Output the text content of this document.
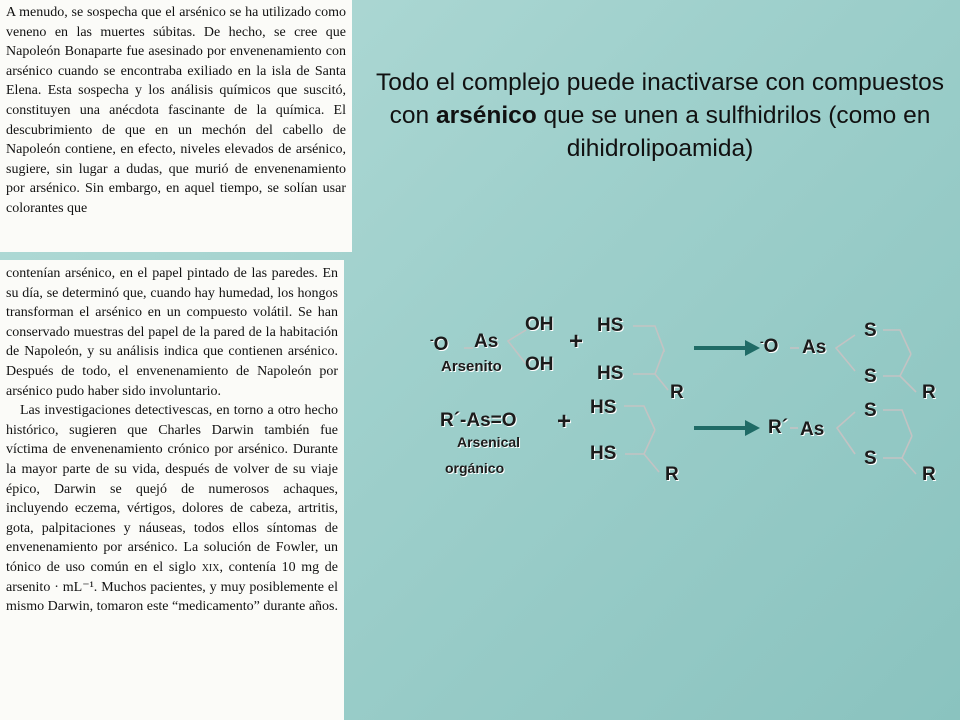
A menudo, se sospecha que el arsénico se ha utilizado como veneno en las muertes súbitas. De hecho, se cree que Napoleón Bonaparte fue asesinado por envenenamiento con arsénico cuando se encontraba exiliado en la isla de Santa Elena. Esta sospecha y los análisis químicos que suscitó, constituyen una anécdota fascinante de la química. El descubrimiento de que en un mechón del cabello de Napoleón contiene, en efecto, niveles elevados de arsénico, sugiere, sin lugar a dudas, que murió de envenenamiento por arsénico. Sin embargo, en aquel tiempo, se solían usar colorantes que

contenían arsénico, en el papel pintado de las paredes. En su día, se determinó que, cuando hay humedad, los hongos transforman el arsénico en un compuesto volátil. Se han conservado muestras del papel de la pared de la habitación de Napoleón, y su análisis indica que contienen arsénico. Después de todo, el envenenamiento de Napoleón por arsénico pudo haber sido involuntario.

Las investigaciones detectivescas, en torno a otro hecho histórico, sugieren que Charles Darwin también fue víctima de envenenamiento crónico por arsénico. Durante la mayor parte de su vida, después de volver de su viaje épico, Darwin se quejó de numerosos achaques, incluyendo eczema, vértigos, dolores de cabeza, artritis, gota, palpitaciones y náuseas, todos ellos síntomas de envenenamiento por arsénico. La solución de Fowler, un tónico de uso común en el siglo xix, contenía 10 mg de arsenito · mL⁻¹. Muchos pacientes, y muy posiblemente el mismo Darwin, tomaron este “medicamento” durante años.

Todo el complejo puede inactivarse con compuestos con arsénico que se unen a sulfhidrilos (como en dihidrolipoamida)
-O As
OH
OH
Arsenito
+
HS
HS
R
-O As
S
S
R
R´-As=O
Arsenical
orgánico
+
HS
HS
R
R´ As
S
S
R
